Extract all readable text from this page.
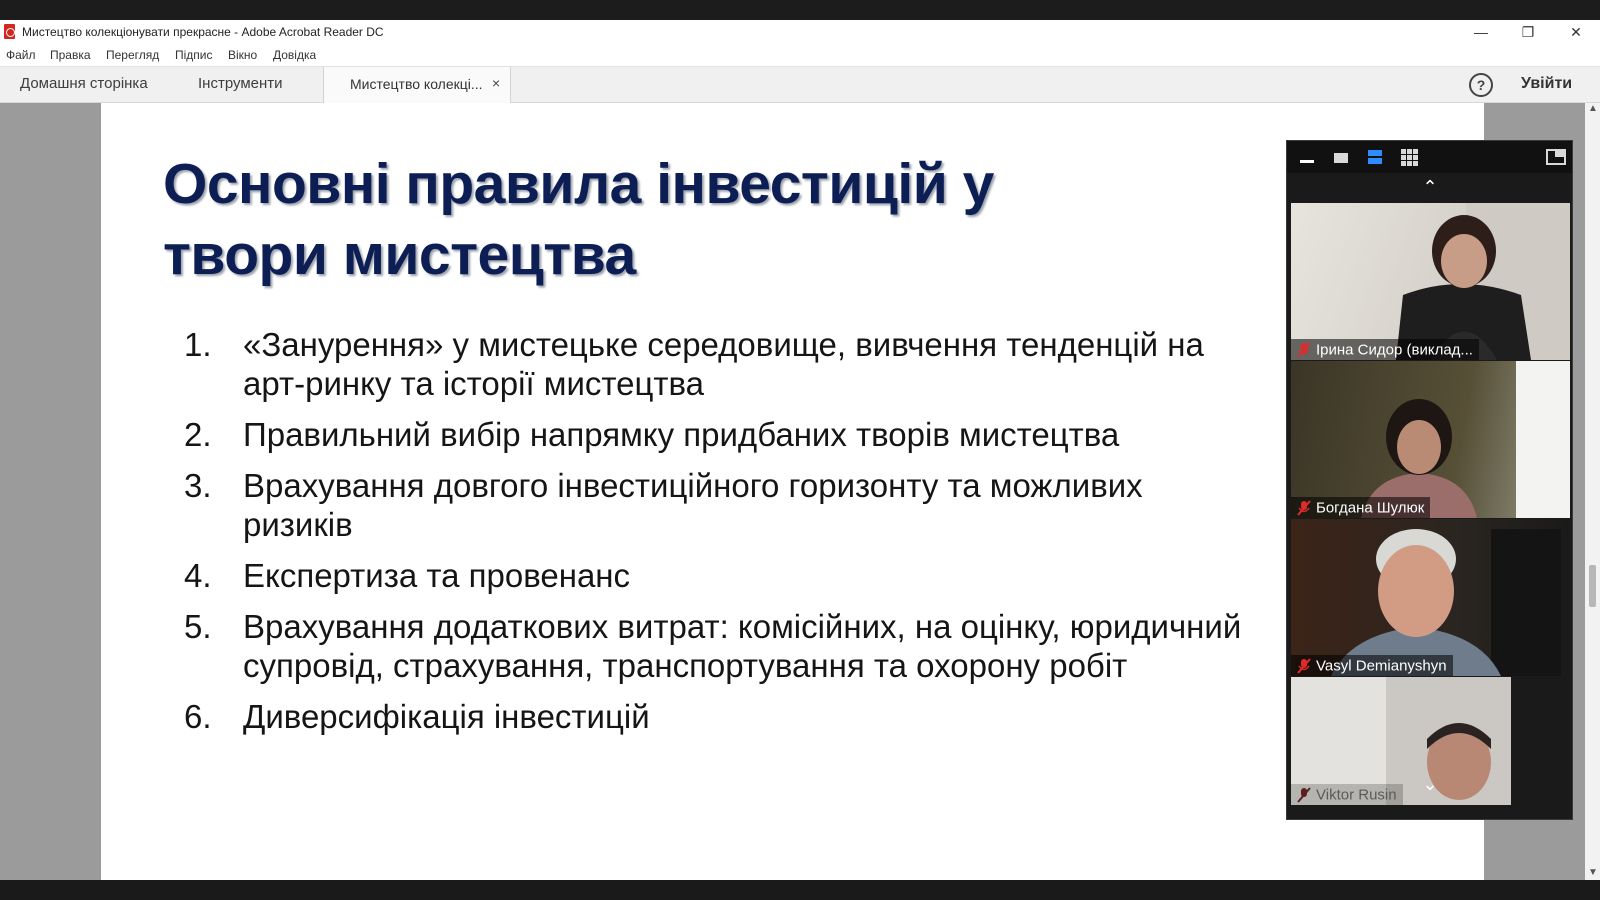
Мистецтво колекціонувати прекрасне - Adobe Acrobat Reader DC	—	❐	✕
Файл Правка Перегляд Підпис Вікно Довідка
Домашня сторінка	Інструменти	Мистецтво колекці... ×	?	Увійти
Основні правила інвестицій у
твори мистецтва
1. «Занурення» у мистецьке середовище, вивчення тенденцій на
арт-ринку та історії мистецтва
2. Правильний вибір напрямку придбаних творів мистецтва
3. Врахування довгого інвестиційного горизонту та можливих
ризиків
4. Експертиза та провенанс
5. Врахування додаткових витрат: комісійних, на оцінку, юридичний
супровід, страхування, транспортування та охорону робіт
6. Диверсифікація інвестицій
▲
▼
⌃
Ірина Сидор (виклад...
Богдана Шулюк
Vasyl Demianyshyn
Viktor Rusin
⌄
